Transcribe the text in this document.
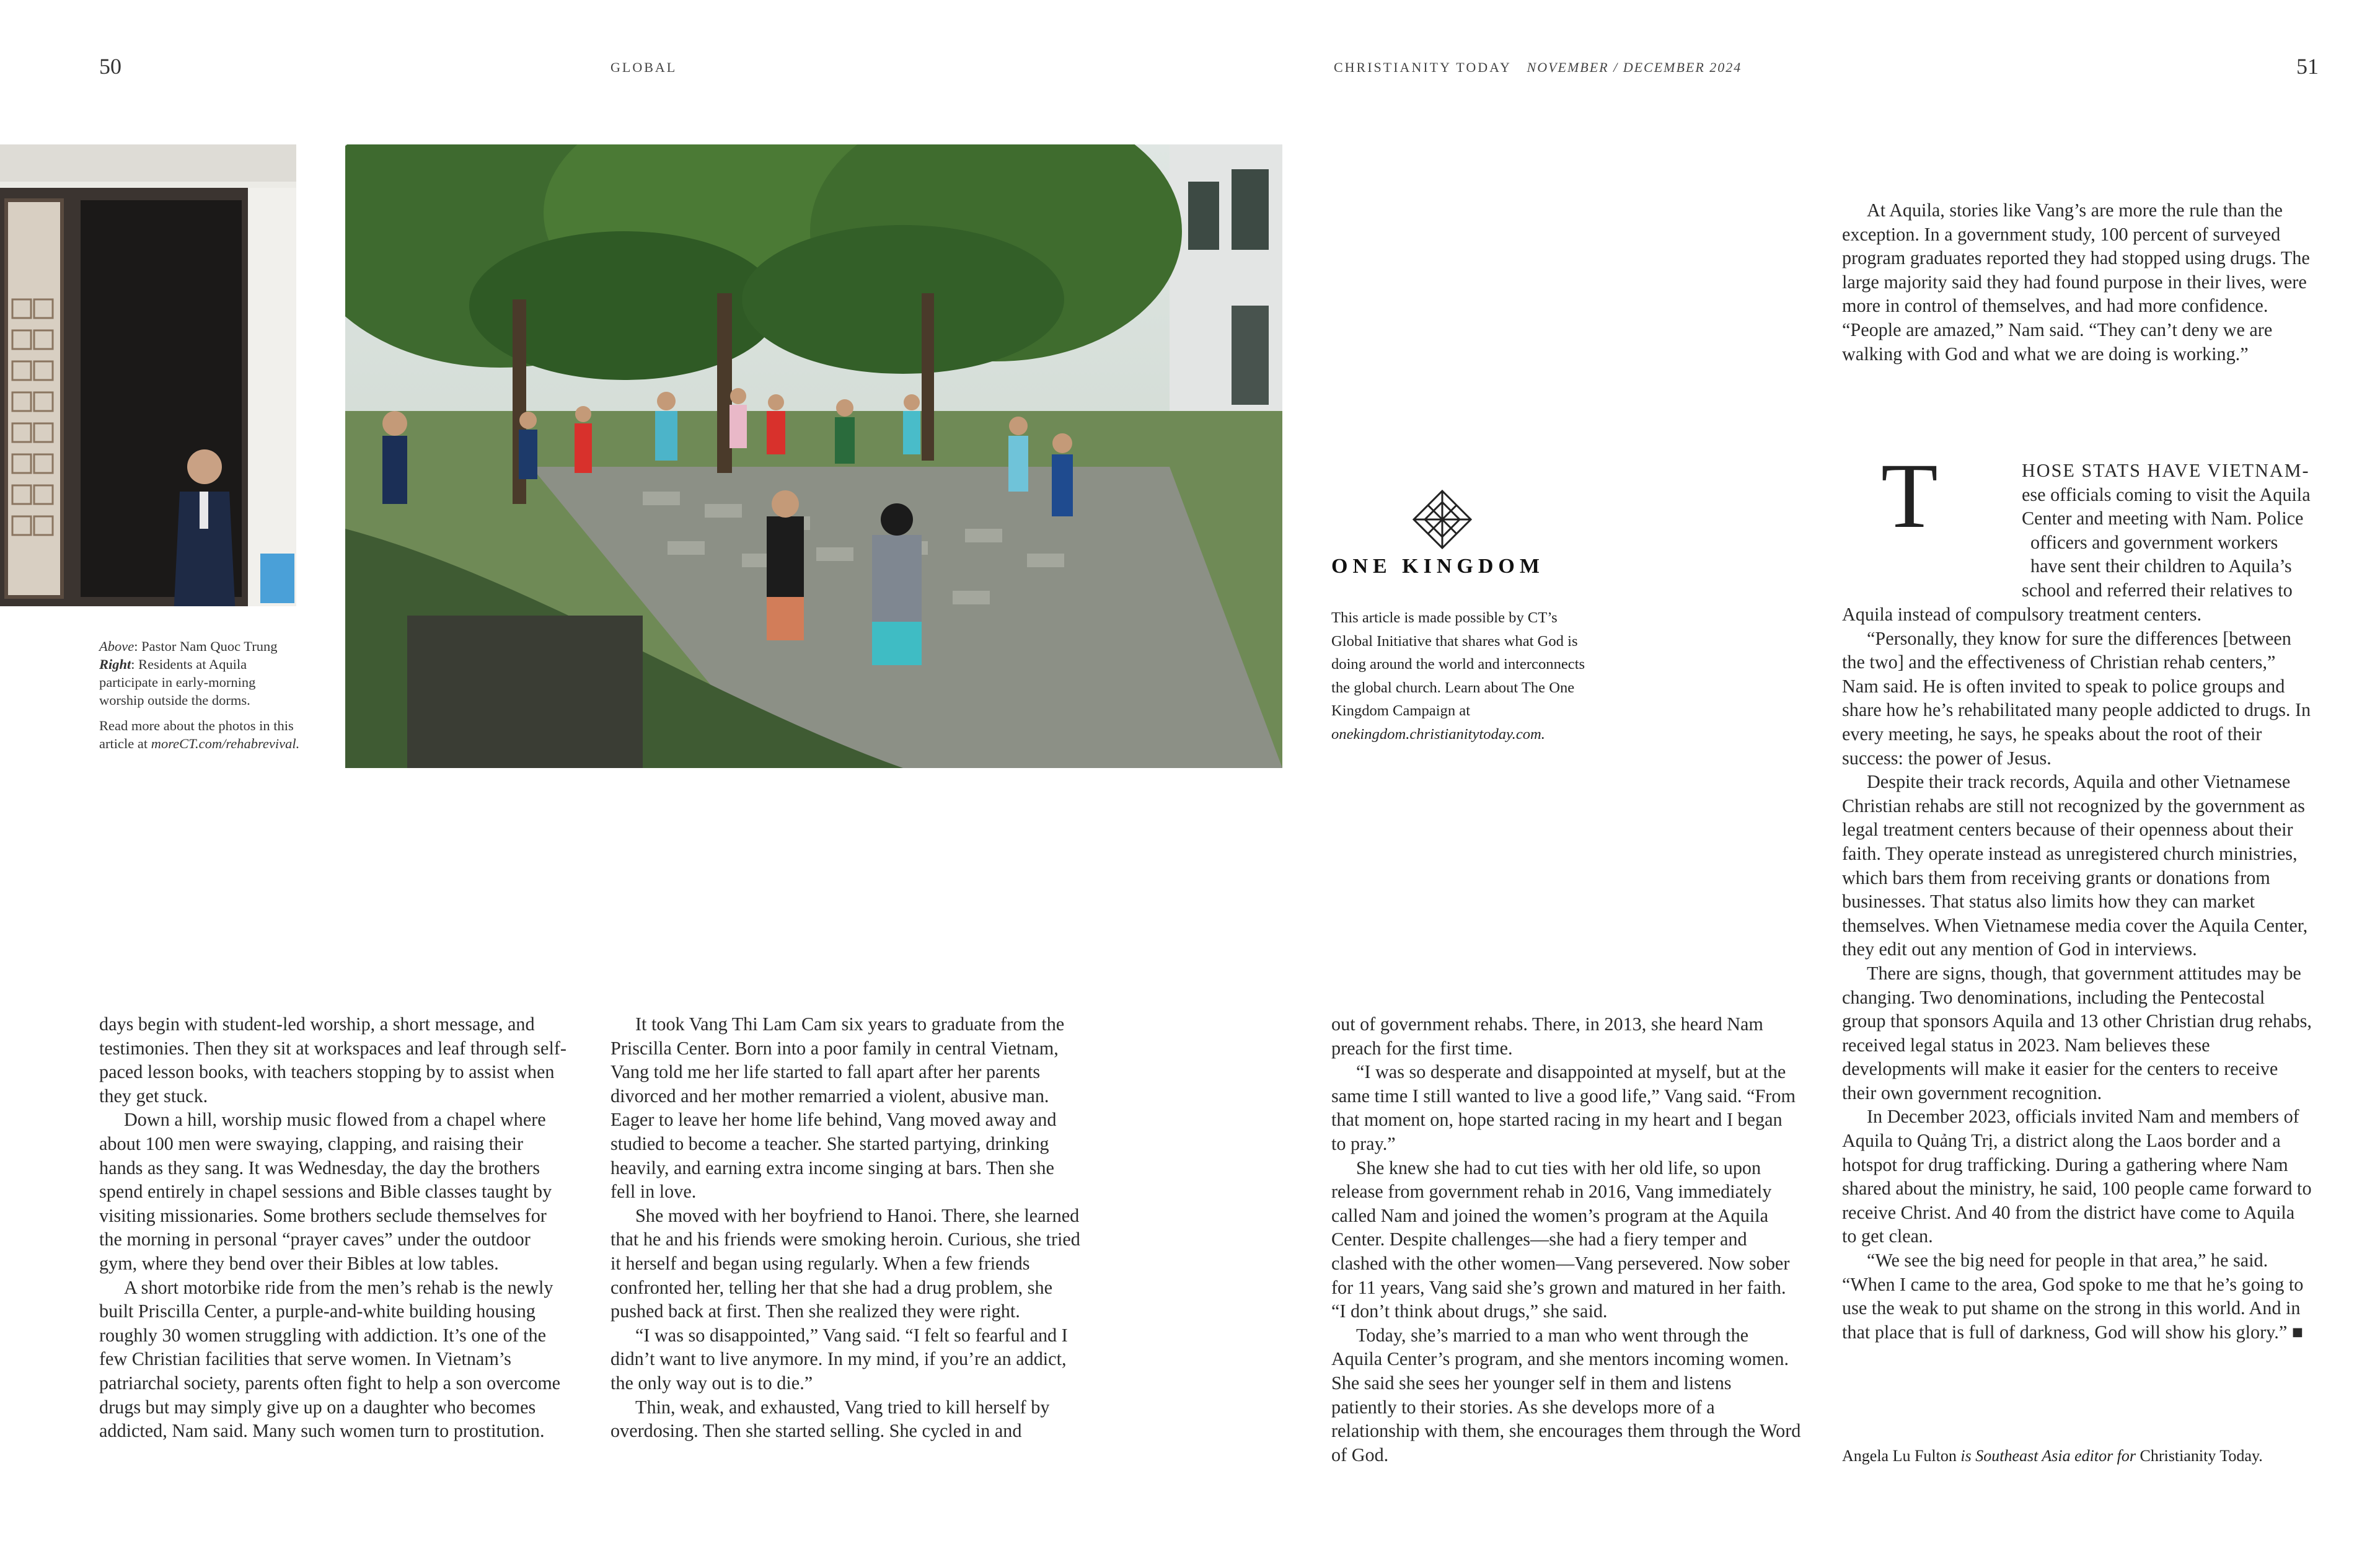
50	GLOBAL	CHRISTIANITY TODAY NOVEMBER / DECEMBER 2024	51

Above: Pastor Nam Quoc Trung
Right: Residents at Aquila participate in early-morning worship outside the dorms.

Read more about the photos in this article at moreCT.com/rehabrevival.

ONE KINGDOM
This article is made possible by CT’s Global Initiative that shares what God is doing around the world and interconnects the global church. Learn about The One Kingdom Campaign at onekingdom.christianitytoday.com.

days begin with student-led worship, a short message, and testimonies. Then they sit at workspaces and leaf through self-paced lesson books, with teachers stopping by to assist when they get stuck.

Down a hill, worship music flowed from a chapel where about 100 men were swaying, clapping, and raising their hands as they sang. It was Wednesday, the day the brothers spend entirely in chapel sessions and Bible classes taught by visiting missionaries. Some brothers seclude themselves for the morning in personal “prayer caves” under the outdoor gym, where they bend over their Bibles at low tables.

A short motorbike ride from the men’s rehab is the newly built Priscilla Center, a purple-and-white building housing roughly 30 women struggling with addiction. It’s one of the few Christian facilities that serve women. In Vietnam’s patriarchal society, parents often fight to help a son overcome drugs but may simply give up on a daughter who becomes addicted, Nam said. Many such women turn to prostitution.

It took Vang Thi Lam Cam six years to graduate from the Priscilla Center. Born into a poor family in central Vietnam, Vang told me her life started to fall apart after her parents divorced and her mother remarried a violent, abusive man. Eager to leave her home life behind, Vang moved away and studied to become a teacher. She started partying, drinking heavily, and earning extra income singing at bars. Then she fell in love.

She moved with her boyfriend to Hanoi. There, she learned that he and his friends were smoking heroin. Curious, she tried it herself and began using regularly. When a few friends confronted her, telling her that she had a drug problem, she pushed back at first. Then she realized they were right.

“I was so disappointed,” Vang said. “I felt so fearful and I didn’t want to live anymore. In my mind, if you’re an addict, the only way out is to die.”

Thin, weak, and exhausted, Vang tried to kill herself by overdosing. Then she started selling. She cycled in and

out of government rehabs. There, in 2013, she heard Nam preach for the first time.

“I was so desperate and disappointed at myself, but at the same time I still wanted to live a good life,” Vang said. “From that moment on, hope started racing in my heart and I began to pray.”

She knew she had to cut ties with her old life, so upon release from government rehab in 2016, Vang immediately called Nam and joined the women’s program at the Aquila Center. Despite challenges—she had a fiery temper and clashed with the other women—Vang persevered. Now sober for 11 years, Vang said she’s grown and matured in her faith. “I don’t think about drugs,” she said.

Today, she’s married to a man who went through the Aquila Center’s program, and she mentors incoming women. She said she sees her younger self in them and listens patiently to their stories. As she develops more of a relationship with them, she encourages them through the Word of God.

At Aquila, stories like Vang’s are more the rule than the exception. In a government study, 100 percent of surveyed program graduates reported they had stopped using drugs. The large majority said they had found purpose in their lives, were more in control of themselves, and had more confidence. “People are amazed,” Nam said. “They can’t deny we are walking with God and what we are doing is working.”

T	HOSE STATS HAVE VIETNAM-

ese officials coming to visit the Aquila

Center and meeting with Nam. Police

officers and government workers

have sent their children to Aquila’s

school and referred their relatives to

Aquila instead of compulsory treatment centers.

“Personally, they know for sure the differences [between the two] and the effectiveness of Christian rehab centers,” Nam said. He is often invited to speak to police groups and share how he’s rehabilitated many people addicted to drugs. In every meeting, he says, he speaks about the root of their success: the power of Jesus.

Despite their track records, Aquila and other Vietnamese Christian rehabs are still not recognized by the government as legal treatment centers because of their openness about their faith. They operate instead as unregistered church ministries, which bars them from receiving grants or donations from businesses. That status also limits how they can market themselves. When Vietnamese media cover the Aquila Center, they edit out any mention of God in interviews.

There are signs, though, that government attitudes may be changing. Two denominations, including the Pentecostal group that sponsors Aquila and 13 other Christian drug rehabs, received legal status in 2023. Nam believes these developments will make it easier for the centers to receive their own government recognition.

In December 2023, officials invited Nam and members of Aquila to Quảng Trị, a district along the Laos border and a hotspot for drug trafficking. During a gathering where Nam shared about the ministry, he said, 100 people came forward to receive Christ. And 40 from the district have come to Aquila to get clean.

“We see the big need for people in that area,” he said. “When I came to the area, God spoke to me that he’s going to use the weak to put shame on the strong in this world. And in that place that is full of darkness, God will show his glory.” ■

Angela Lu Fulton is Southeast Asia editor for Christianity Today.
